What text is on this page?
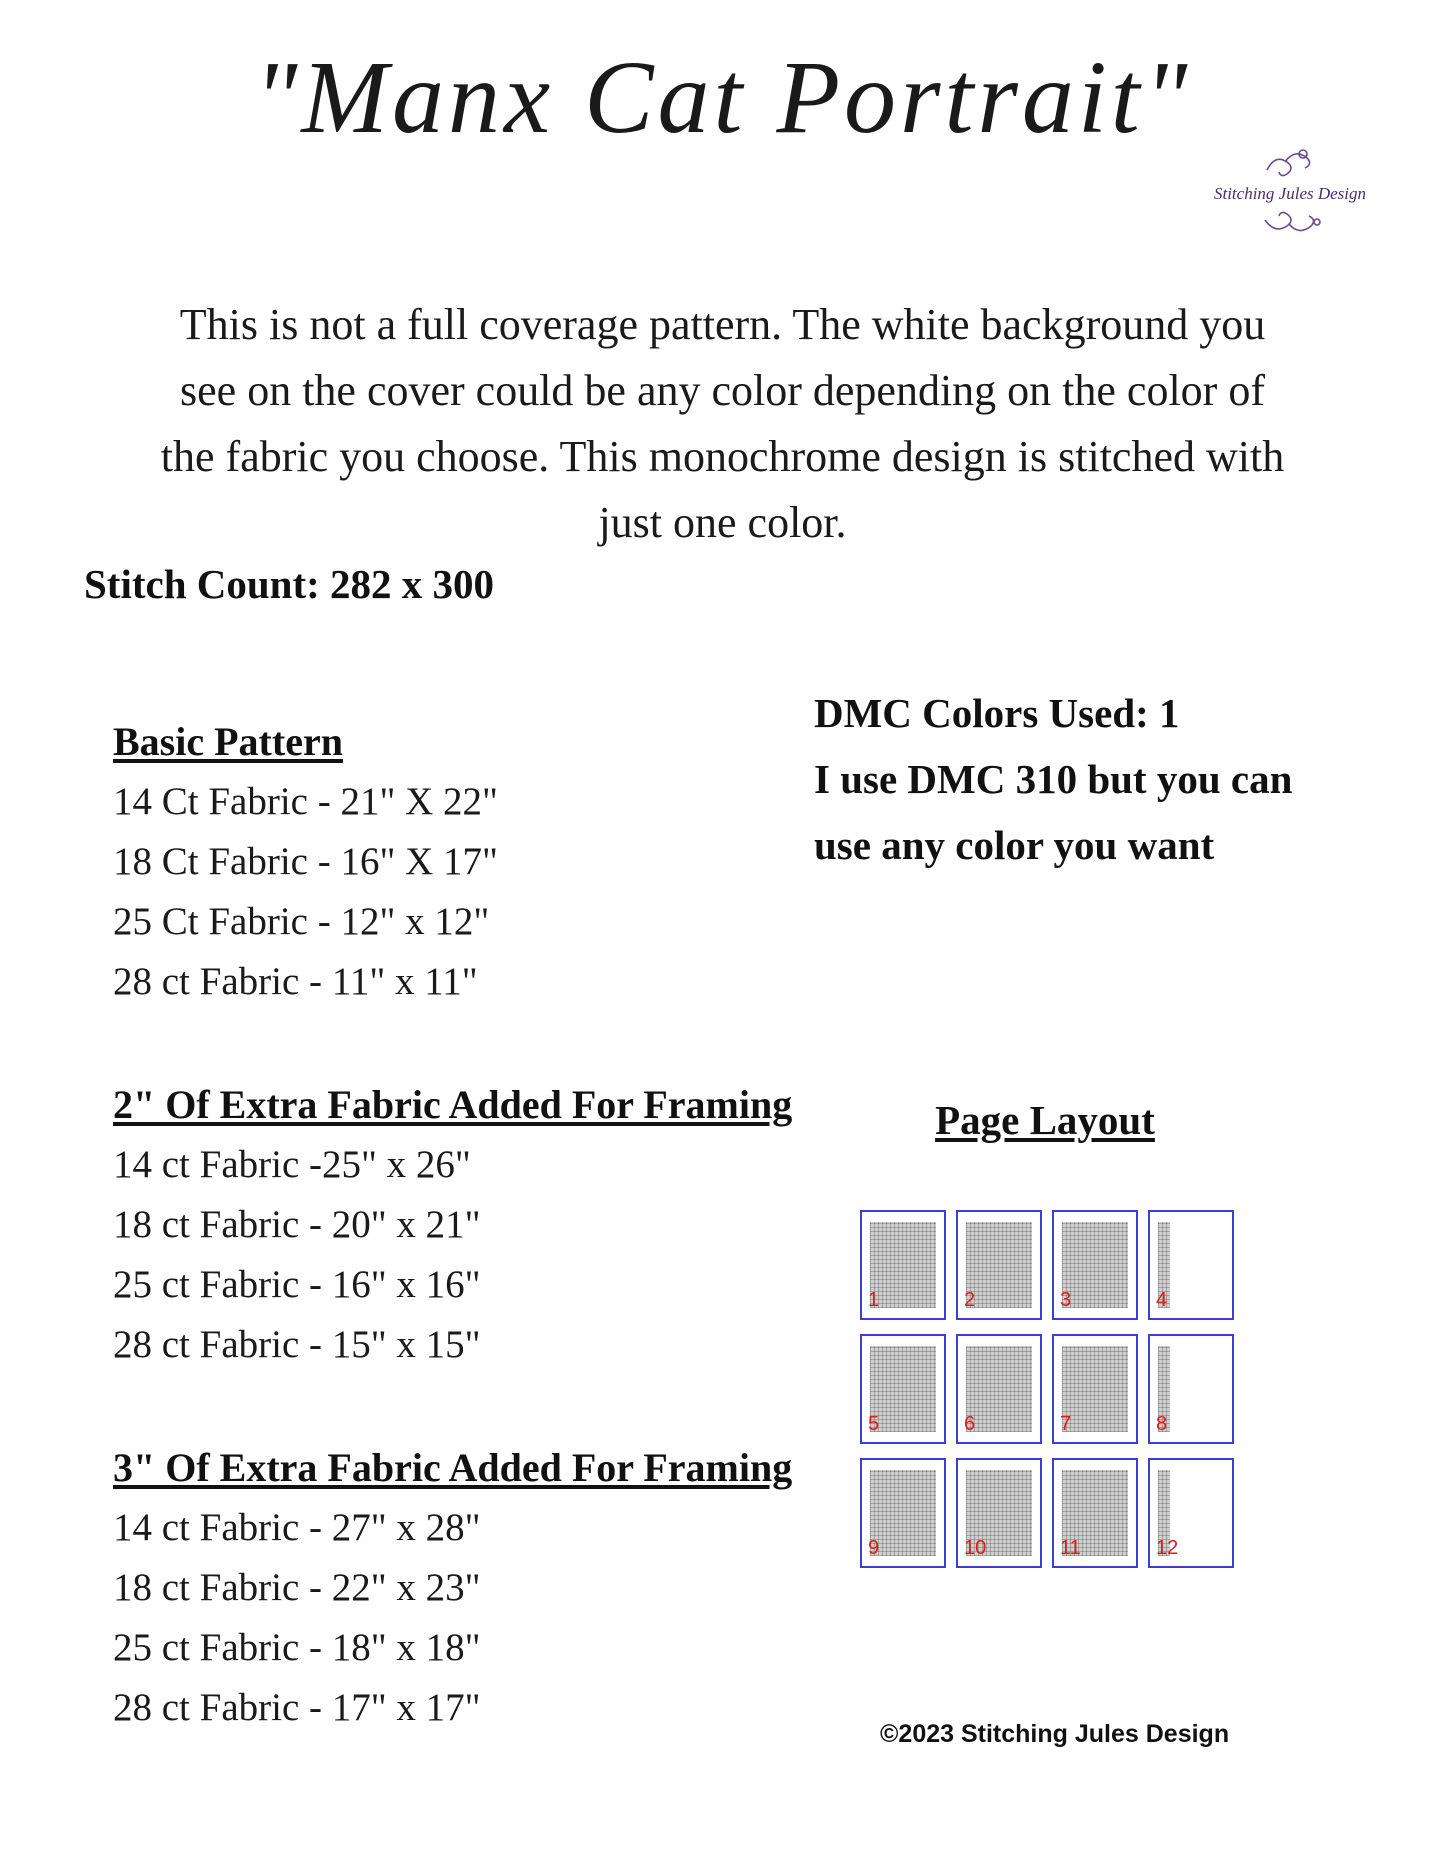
"Manx Cat Portrait"
Stitching Jules Design
This is not a full coverage pattern. The white background you see on the cover could be any color depending on the color of the fabric you choose. This monochrome design is stitched with just one color.
Stitch Count: 282 x 300
Basic Pattern
14 Ct Fabric - 21" X 22"
18 Ct Fabric - 16" X 17"
25 Ct Fabric - 12" x 12"
28 ct Fabric - 11" x 11"
2" Of Extra Fabric Added For Framing
14 ct Fabric -25" x 26"
18 ct Fabric - 20" x 21"
25 ct Fabric - 16" x 16"
28 ct Fabric - 15" x 15"
3" Of Extra Fabric Added For Framing
14 ct Fabric - 27" x 28"
18 ct Fabric - 22" x 23"
25 ct Fabric - 18" x 18"
28 ct Fabric - 17" x 17"
DMC Colors Used: 1
I use DMC 310 but you can
use any color you want
Page Layout
1	2	3	4
5	6	7	8
9	10	11	12
©2023 Stitching Jules Design
